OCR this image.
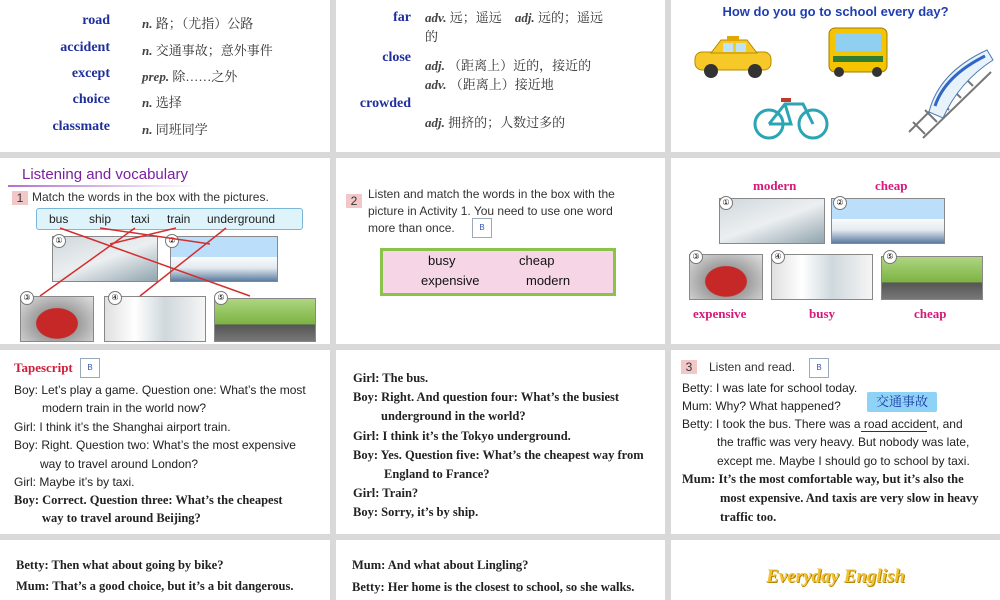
road n. 路；（尤指）公路
accident n. 交通事故；意外事件
except prep. 除……之外
choice n. 选择
classmate n. 同班同学
far adv. 远；遥远 adj. 远的；遥远
的
close
adj. （距离上）近的，接近的
adv. （距离上）接近地
crowded
adj. 拥挤的；人数过多的
How do you go to school every day?
Listening and vocabulary
1 Match the words in the box with the pictures.
bus ship taxi train underground
①	②
③	④	⑤
2 Listen and match the words in the box with the
picture in Activity 1. You need to use one word
more than once.	B
busy	cheap
expensive	modern
modern	cheap
①	②
③	④	⑤
expensive	busy	cheap
Tapescript	B
Boy: Let’s play a game. Question one: What’s the most
modern train in the world now?
Girl: I think it’s the Shanghai airport train.
Boy: Right. Question two: What’s the most expensive
way to travel around London?
Girl: Maybe it’s by taxi.
Boy: Correct. Question three: What’s the cheapest
way to travel around Beijing?
Girl: The bus.
Boy: Right. And question four: What’s the busiest
underground in the world?
Girl: I think it’s the Tokyo underground.
Boy: Yes. Question five: What’s the cheapest way from
England to France?
Girl: Train?
Boy: Sorry, it’s by ship.
3	Listen and read.	B
交通事故
Betty: I was late for school today.
Mum: Why? What happened?
Betty: I took the bus. There was a road accident, and
the traffic was very heavy. But nobody was late,
except me. Maybe I should go to school by taxi.
Mum: It’s the most comfortable way, but it’s also the
most expensive. And taxis are very slow in heavy
traffic too.
Betty: Then what about going by bike?
Mum: That’s a good choice, but it’s a bit dangerous.
Mum: And what about Lingling?
Betty: Her home is the closest to school, so she walks.	Everyday English
